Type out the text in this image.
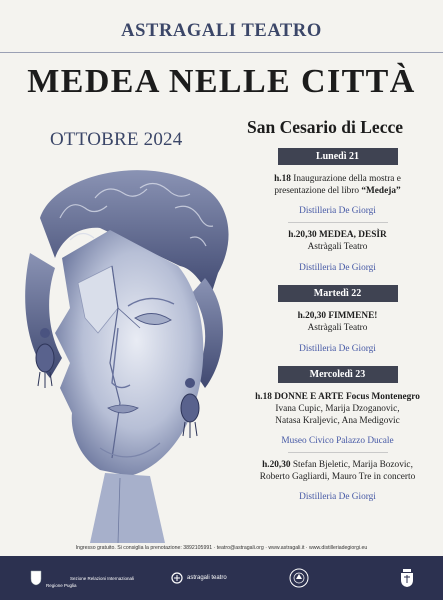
ASTRAGALI TEATRO
MEDEA NELLE CITTÀ
OTTOBRE 2024
San Cesario di Lecce
Lunedì 21
h.18 Inaugurazione della mostra e presentazione del libro “Medeja”
Distilleria De Giorgi
h.20,30 MEDEA, DESÌR
Astràgali Teatro
Distilleria De Giorgi
Martedì 22
h.20,30 FIMMENE!
Astràgali Teatro
Distilleria De Giorgi
Mercoledì 23
h.18 DONNE E ARTE Focus Montenegro
Ivana Cupic, Marija Dzoganovic,
Natasa Kraljevic, Ana Medigovic
Museo Civico Palazzo Ducale
h.20,30 Stefan Bjeletic, Marija Bozovic, Roberto Gagliardi, Mauro Tre in concerto
Distilleria De Giorgi
Ingresso gratuito. Si consiglia la prenotazione: 3892105991 · teatro@astragali.org · www.astragali.it · www.distilleriadegiorgi.eu
Regione Puglia
Sezione Relazioni Internazionali	astragali teatro
